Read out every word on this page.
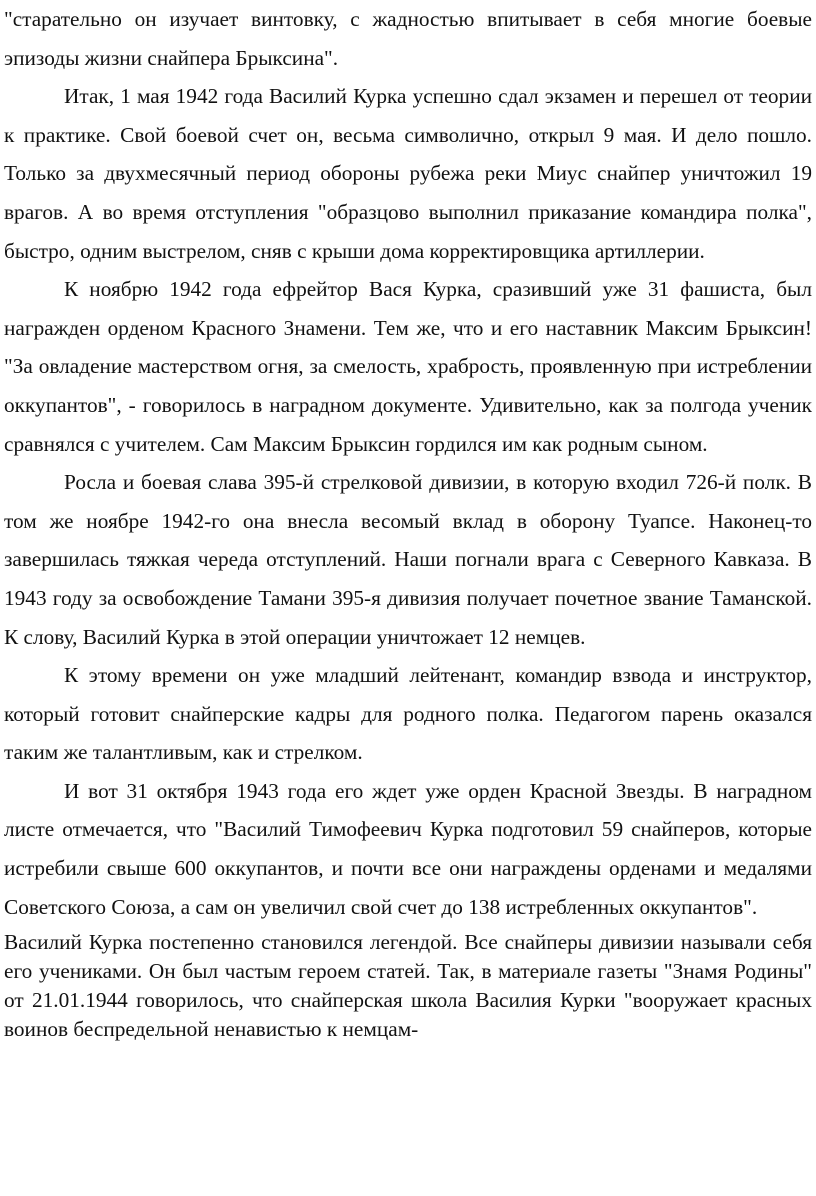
"старательно он изучает винтовку, с жадностью впитывает в себя многие боевые эпизоды жизни снайпера Брыксина".

Итак, 1 мая 1942 года Василий Курка успешно сдал экзамен и перешел от теории к практике. Свой боевой счет он, весьма символично, открыл 9 мая. И дело пошло. Только за двухмесячный период обороны рубежа реки Миус снайпер уничтожил 19 врагов. А во время отступления "образцово выполнил приказание командира полка", быстро, одним выстрелом, сняв с крыши дома корректировщика артиллерии.

К ноябрю 1942 года ефрейтор Вася Курка, сразивший уже 31 фашиста, был награжден орденом Красного Знамени. Тем же, что и его наставник Максим Брыксин! "За овладение мастерством огня, за смелость, храбрость, проявленную при истреблении оккупантов", - говорилось в наградном документе. Удивительно, как за полгода ученик сравнялся с учителем. Сам Максим Брыксин гордился им как родным сыном.

Росла и боевая слава 395-й стрелковой дивизии, в которую входил 726-й полк. В том же ноябре 1942-го она внесла весомый вклад в оборону Туапсе. Наконец-то завершилась тяжкая череда отступлений. Наши погнали врага с Северного Кавказа. В 1943 году за освобождение Тамани 395-я дивизия получает почетное звание Таманской. К слову, Василий Курка в этой операции уничтожает 12 немцев.

К этому времени он уже младший лейтенант, командир взвода и инструктор, который готовит снайперские кадры для родного полка. Педагогом парень оказался таким же талантливым, как и стрелком.

И вот 31 октября 1943 года его ждет уже орден Красной Звезды. В наградном листе отмечается, что "Василий Тимофеевич Курка подготовил 59 снайперов, которые истребили свыше 600 оккупантов, и почти все они награждены орденами и медалями Советского Союза, а сам он увеличил свой счет до 138 истребленных оккупантов".

Василий Курка постепенно становился легендой. Все снайперы дивизии называли себя его учениками. Он был частым героем статей. Так, в материале газеты "Знамя Родины" от 21.01.1944 говорилось, что снайперская школа Василия Курки "вооружает красных воинов беспредельной ненавистью к немцам-
